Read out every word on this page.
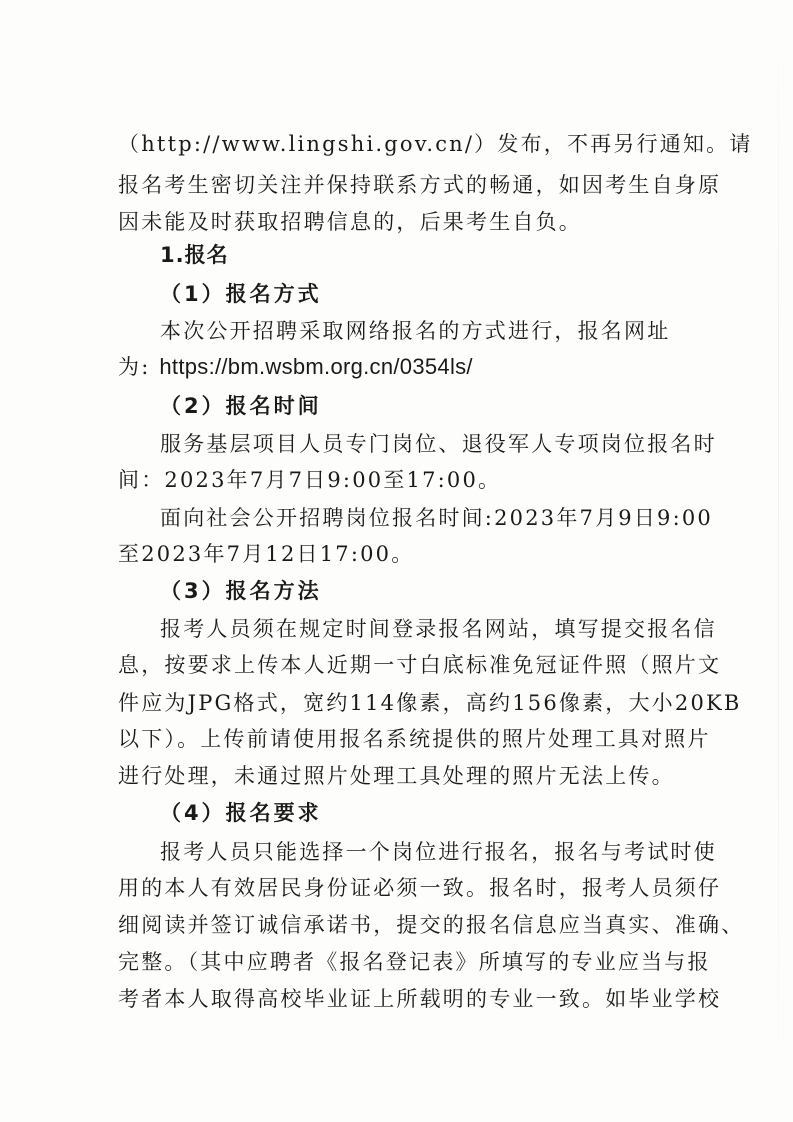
（http://www.lingshi.gov.cn/）发布，不再另行通知。请
报名考生密切关注并保持联系方式的畅通，如因考生自身原
因未能及时获取招聘信息的，后果考生自负。
1.报名
（1）报名方式
本次公开招聘采取网络报名的方式进行，报名网址
为: https://bm.wsbm.org.cn/0354ls/
（2）报名时间
服务基层项目人员专门岗位、退役军人专项岗位报名时
间：2023年7月7日9:00至17:00。
面向社会公开招聘岗位报名时间:2023年7月9日9:00
至2023年7月12日17:00。
（3）报名方法
报考人员须在规定时间登录报名网站，填写提交报名信
息，按要求上传本人近期一寸白底标准免冠证件照（照片文
件应为JPG格式，宽约114像素，高约156像素，大小20KB
以下）。上传前请使用报名系统提供的照片处理工具对照片
进行处理，未通过照片处理工具处理的照片无法上传。
（4）报名要求
报考人员只能选择一个岗位进行报名，报名与考试时使
用的本人有效居民身份证必须一致。报名时，报考人员须仔
细阅读并签订诚信承诺书，提交的报名信息应当真实、准确、
完整。（其中应聘者《报名登记表》所填写的专业应当与报
考者本人取得高校毕业证上所载明的专业一致。如毕业学校
